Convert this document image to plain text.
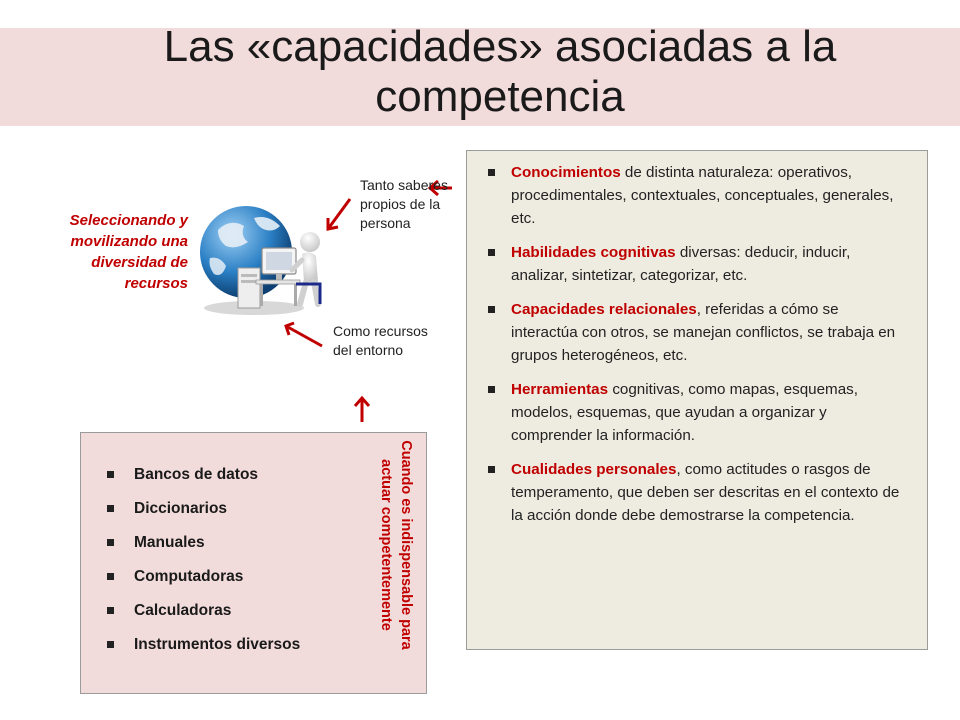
Las «capacidades» asociadas a la
competencia
Seleccionando y movilizando una diversidad de recursos
Tanto saberes propios de la persona
Como recursos del entorno
Conocimientos de distinta naturaleza: operativos, procedimentales, contextuales, conceptuales, generales, etc.
Habilidades cognitivas diversas: deducir, inducir, analizar, sintetizar, categorizar, etc.
Capacidades relacionales, referidas a cómo se interactúa con otros, se manejan conflictos, se trabaja en grupos heterogéneos, etc.
Herramientas cognitivas, como mapas, esquemas, modelos, esquemas, que ayudan a organizar y comprender la información.
Cualidades personales, como actitudes o rasgos de temperamento, que deben ser descritas en el contexto de la acción donde debe demostrarse la competencia.
Bancos de datos
Diccionarios
Manuales
Computadoras
Calculadoras
Instrumentos diversos	Cuando es indispensable para actuar competentemente
